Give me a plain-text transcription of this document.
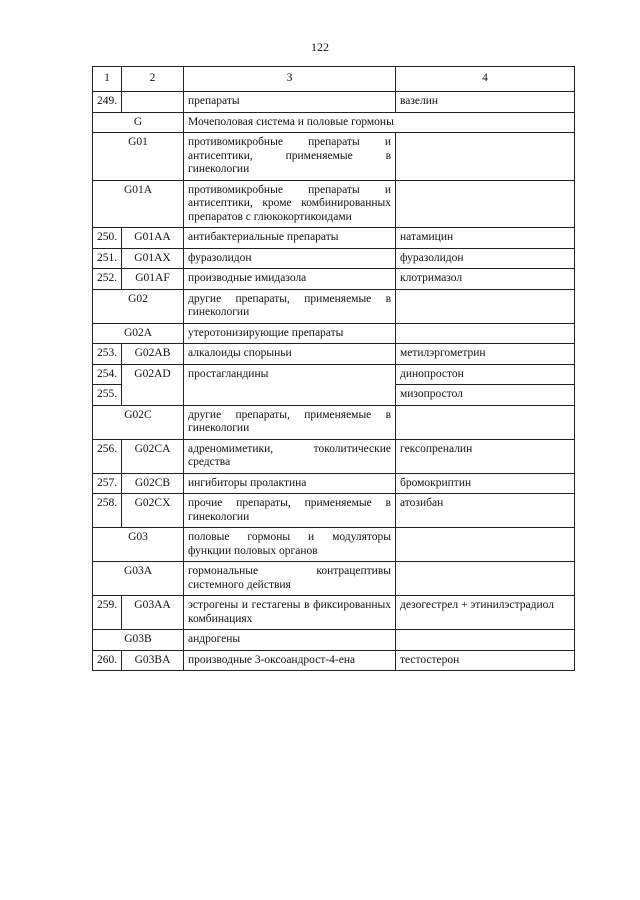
122
1	2	3	4
249.		препараты	вазелин
G		Мочеполовая система и половые гормоны	
G01		противомикробные препараты и антисептики, применяемые в гинекологии	
G01A		противомикробные препараты и антисептики, кроме комбинированных препаратов с глюкокортикоидами	
250.	G01AA	антибактериальные препараты	натамицин
251.	G01AX	фуразолидон	фуразолидон
252.	G01AF	производные имидазола	клотримазол
G02		другие препараты, применяемые в гинекологии	
G02A		утеротонизирующие препараты	
253.	G02AB	алкалоиды спорыньи	метилэргометрин
254.	G02AD	простагландины	динопростон
255.			мизопростол
G02C		другие препараты, применяемые в гинекологии	
256.	G02CA	адреномиметики, токолитические средства	гексопреналин
257.	G02CB	ингибиторы пролактина	бромокриптин
258.	G02CX	прочие препараты, применяемые в гинекологии	атозибан
G03		половые гормоны и модуляторы функции половых органов	
G03A		гормональные контрацептивы системного действия	
259.	G03AA	эстрогены и гестагены в фиксированных комбинациях	дезогестрел + этинилэстрадиол
G03B		андрогены	
260.	G03BA	производные 3-оксоандрост-4-ена	тестостерон
